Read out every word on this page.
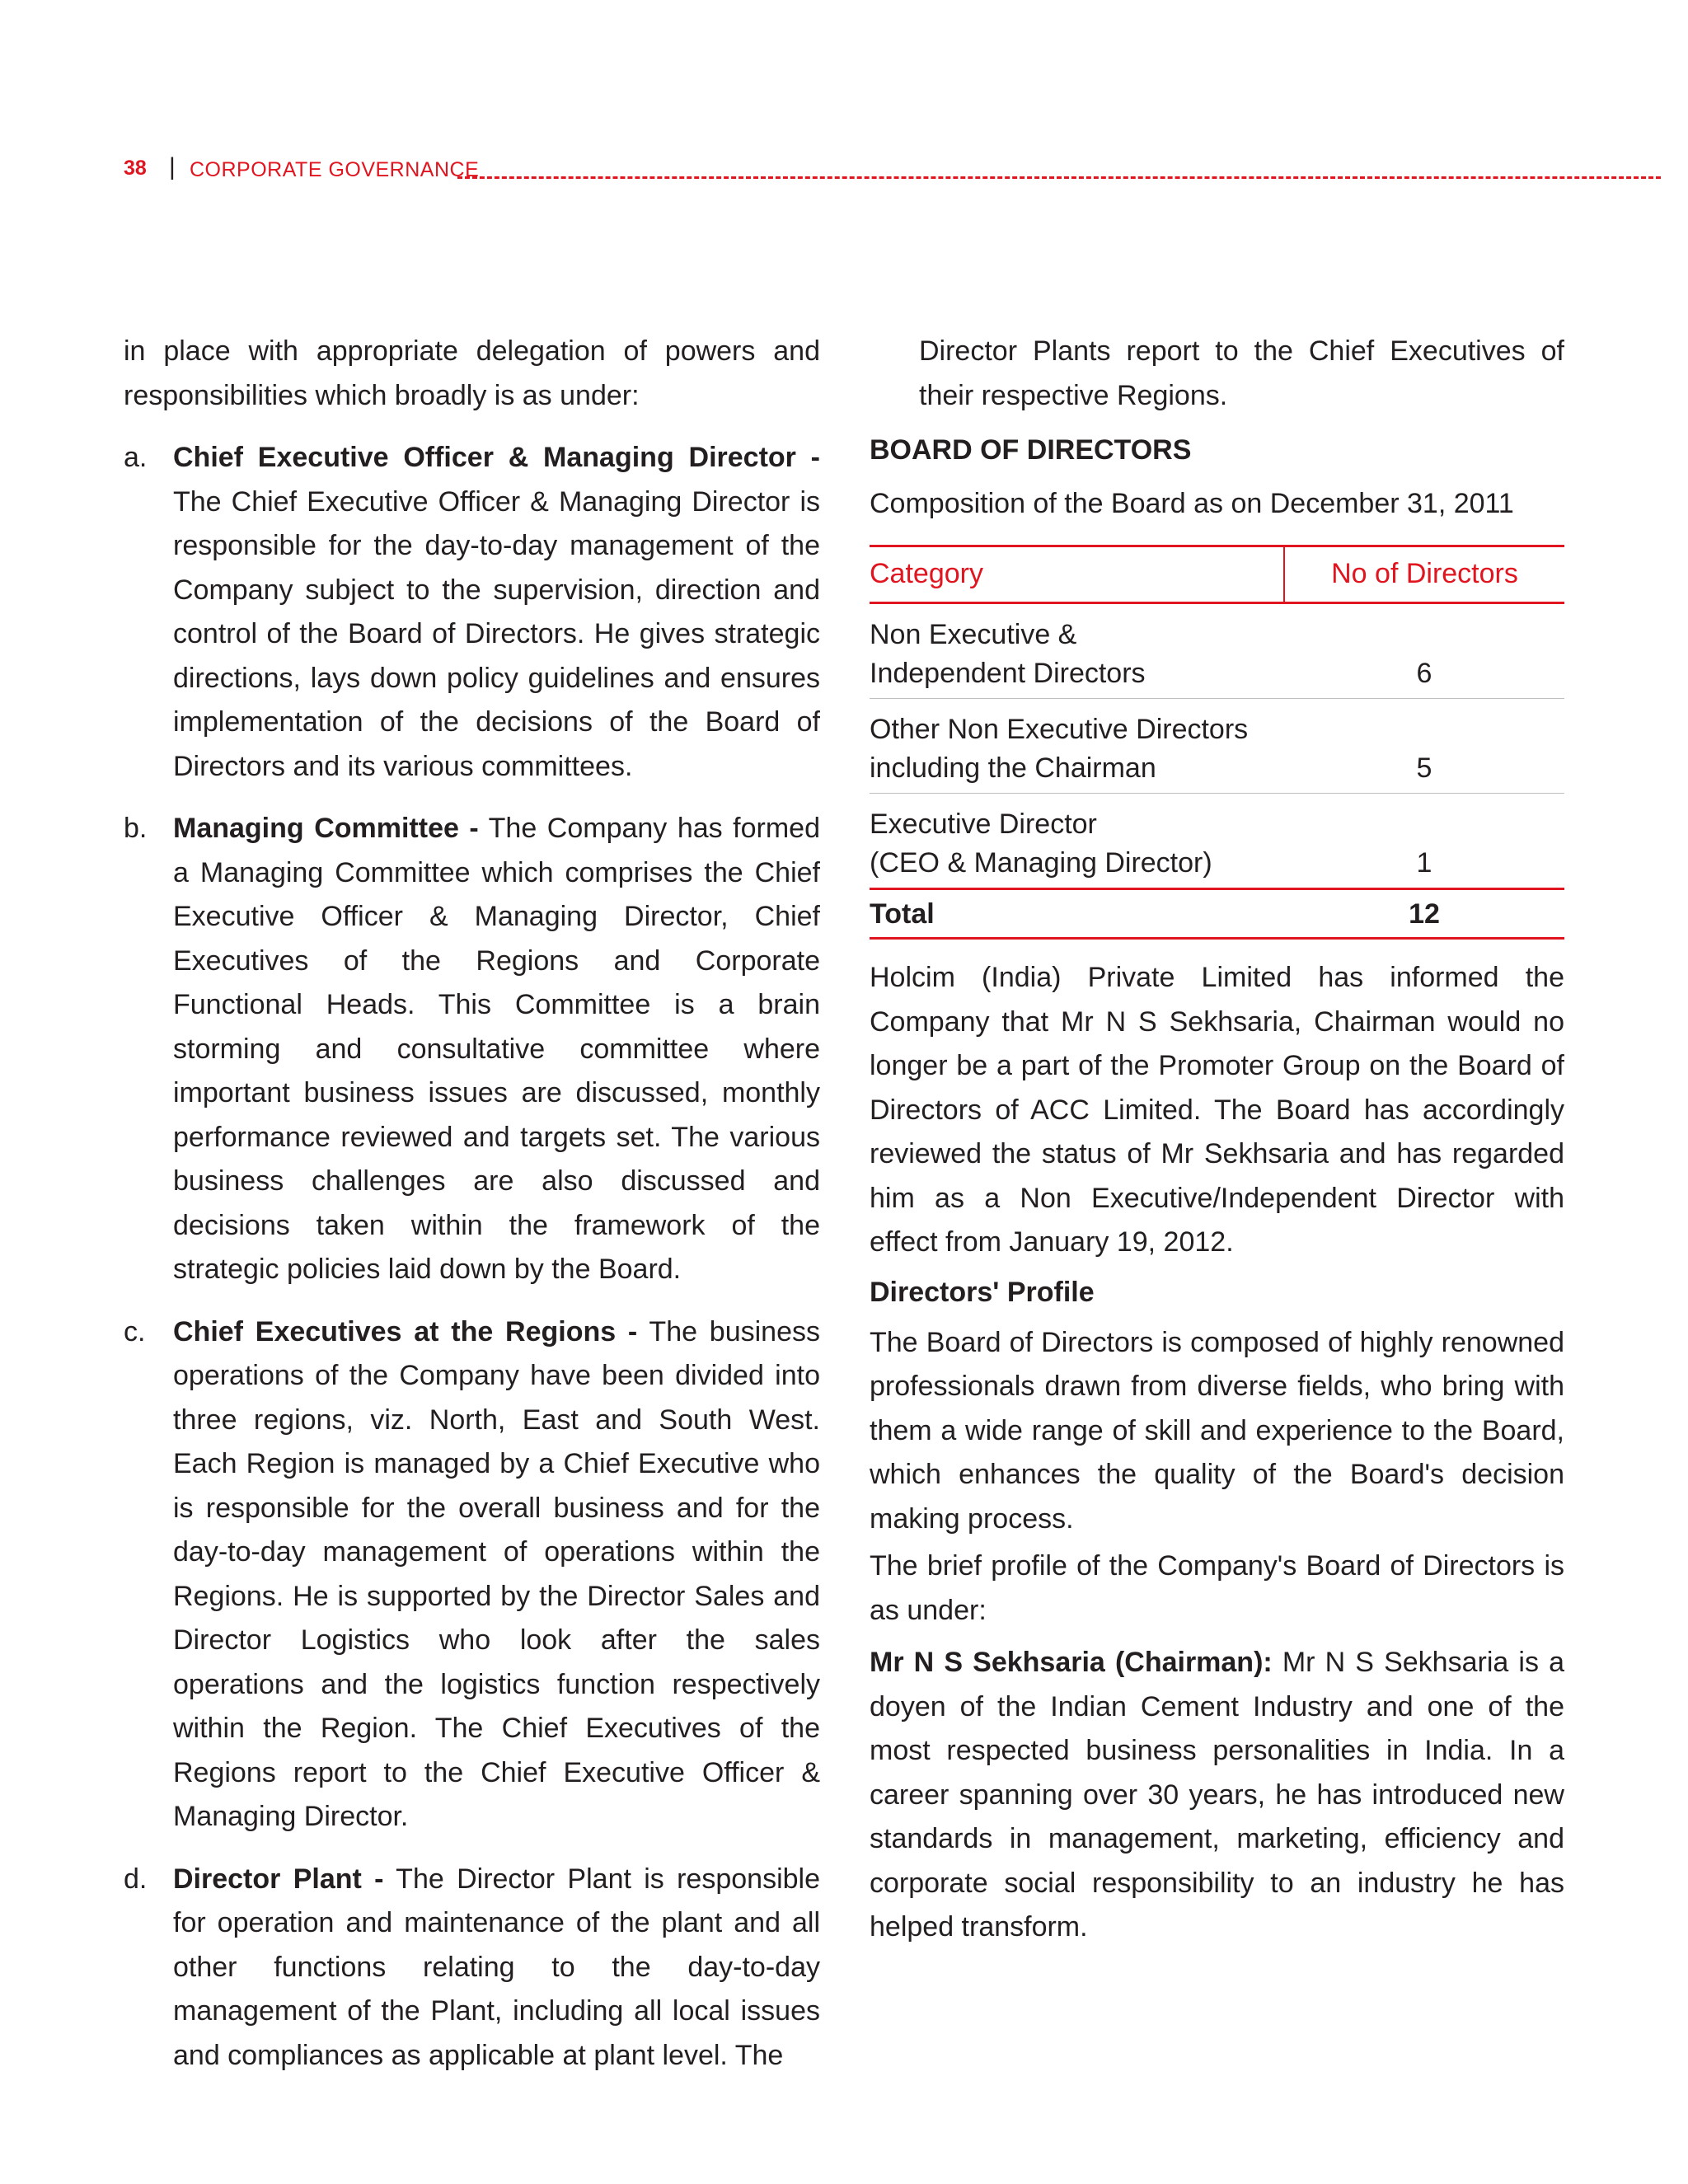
38 | CORPORATE GOVERNANCE

in place with appropriate delegation of powers and responsibilities which broadly is as under:

a. Chief Executive Officer & Managing Director - The Chief Executive Officer & Managing Director is responsible for the day-to-day management of the Company subject to the supervision, direction and control of the Board of Directors. He gives strategic directions, lays down policy guidelines and ensures implementation of the decisions of the Board of Directors and its various committees.

b. Managing Committee - The Company has formed a Managing Committee which comprises the Chief Executive Officer & Managing Director, Chief Executives of the Regions and Corporate Functional Heads. This Committee is a brain storming and consultative committee where important business issues are discussed, monthly performance reviewed and targets set. The various business challenges are also discussed and decisions taken within the framework of the strategic policies laid down by the Board.

c. Chief Executives at the Regions - The business operations of the Company have been divided into three regions, viz. North, East and South West. Each Region is managed by a Chief Executive who is responsible for the overall business and for the day-to-day management of operations within the Regions. He is supported by the Director Sales and Director Logistics who look after the sales operations and the logistics function respectively within the Region. The Chief Executives of the Regions report to the Chief Executive Officer & Managing Director.

d. Director Plant - The Director Plant is responsible for operation and maintenance of the plant and all other functions relating to the day-to-day management of the Plant, including all local issues and compliances as applicable at plant level. The

Director Plants report to the Chief Executives of their respective Regions.

BOARD OF DIRECTORS
Composition of the Board as on December 31, 2011
Category	No of Directors
Non Executive &
Independent Directors	6
Other Non Executive Directors
including the Chairman	5
Executive Director
(CEO & Managing Director)	1
Total	12

Holcim (India) Private Limited has informed the Company that Mr N S Sekhsaria, Chairman would no longer be a part of the Promoter Group on the Board of Directors of ACC Limited. The Board has accordingly reviewed the status of Mr Sekhsaria and has regarded him as a Non Executive/Independent Director with effect from January 19, 2012.

Directors' Profile

The Board of Directors is composed of highly renowned professionals drawn from diverse fields, who bring with them a wide range of skill and experience to the Board, which enhances the quality of the Board's decision making process.

The brief profile of the Company's Board of Directors is as under:

Mr N S Sekhsaria (Chairman): Mr N S Sekhsaria is a doyen of the Indian Cement Industry and one of the most respected business personalities in India. In a career spanning over 30 years, he has introduced new standards in management, marketing, efficiency and corporate social responsibility to an industry he has helped transform.
